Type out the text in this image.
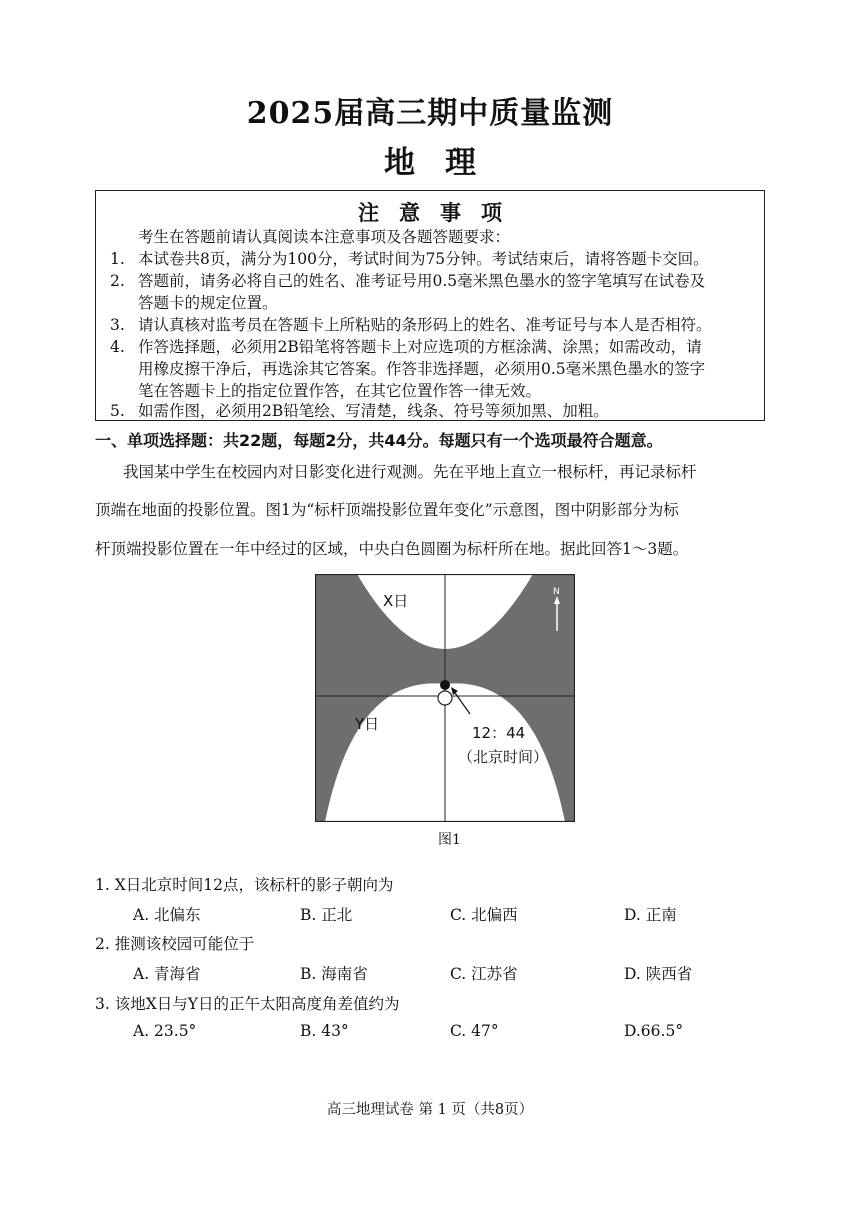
2025届高三期中质量监测
地理
注意事项
考生在答题前请认真阅读本注意事项及各题答题要求：
1. 本试卷共8页，满分为100分，考试时间为75分钟。考试结束后，请将答题卡交回。
2. 答题前，请务必将自己的姓名、准考证号用0.5毫米黑色墨水的签字笔填写在试卷及
答题卡的规定位置。
3. 请认真核对监考员在答题卡上所粘贴的条形码上的姓名、准考证号与本人是否相符。
4. 作答选择题，必须用2B铅笔将答题卡上对应选项的方框涂满、涂黑；如需改动，请
用橡皮擦干净后，再选涂其它答案。作答非选择题，必须用0.5毫米黑色墨水的签字
笔在答题卡上的指定位置作答，在其它位置作答一律无效。
5. 如需作图，必须用2B铅笔绘、写清楚，线条、符号等须加黑、加粗。
一、单项选择题：共22题，每题2分，共44分。每题只有一个选项最符合题意。
我国某中学生在校园内对日影变化进行观测。先在平地上直立一根标杆，再记录标杆
顶端在地面的投影位置。图1为“标杆顶端投影位置年变化”示意图，图中阴影部分为标
杆顶端投影位置在一年中经过的区域，中央白色圆圈为标杆所在地。据此回答1～3题。
X日
Y日
N
12：44
（北京时间）
图1
1. X日北京时间12点，该标杆的影子朝向为
A. 北偏东	B. 正北	C. 北偏西	D. 正南
2. 推测该校园可能位于
A. 青海省	B. 海南省	C. 江苏省	D. 陕西省
3. 该地X日与Y日的正午太阳高度角差值约为
A. 23.5°	B. 43°	C. 47°	D.66.5°
高三地理试卷 第 1 页（共8页）
